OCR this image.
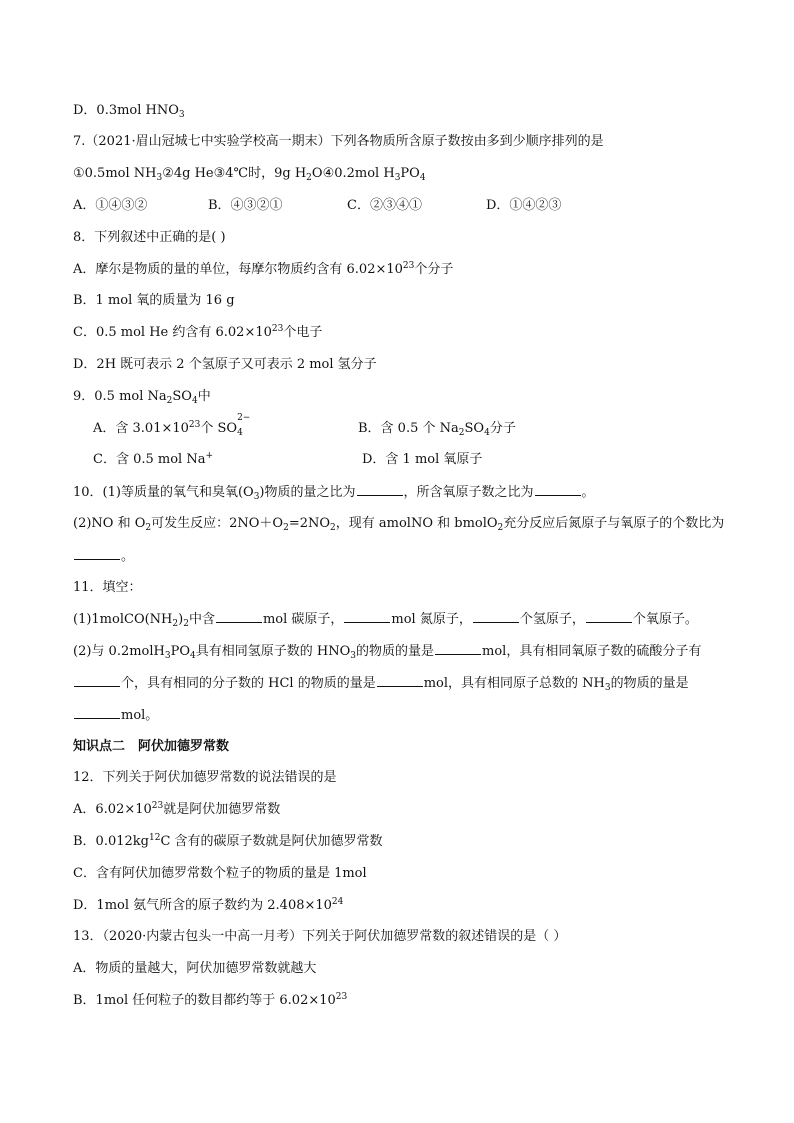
D．0.3mol $HNO_3$
7.（2021·眉山冠城七中实验学校高一期末）下列各物质所含原子数按由多到少顺序排列的是
①0.5mol $NH_3②4g$ He③4℃时，9g $H_2O④0.2mol$ $H_3PO_4$
A．①④③②	B．④③②①	C．②③④①	D．①④②③
8．下列叙述中正确的是( )
A．摩尔是物质的量的单位，每摩尔物质约含有 $6.02\times 10^{23}$个分子
B．1 mol 氧的质量为 16 g
C．0.5 mol He 约含有 $6.02\times 10^{23}$个电子
D．2H 既可表示 2 个氢原子又可表示 2 mol 氢分子
9．0.5 mol $Na_2SO_4$中
A．含 $3.01\times 10^{23}$个 $SO_4$
2−
B．含 0.5 个 $Na_2SO_4$分子
C．含 0.5 mol Na+	D．含 1 mol 氧原子
10．(1)等质量的氧气和臭氧$(O_3)$物质的量之比为	，所含氧原子数之比为	。
(2)NO 和 $O_2$可发生反应：$2NO+O_2=2NO_2$，现有 amolNO 和 bmolO$_2$充分反应后氮原子与氧原子的个数比为
。
11．填空：
$(1)1molCO(NH_2)_2$中含	mol 碳原子，	mol 氮原子，	个氢原子，	个氧原子。
(2)与 $0.2molH_3PO_4$具有相同氢原子数的 $HNO_3$的物质的量是	mol，具有相同氧原子数的硫酸分子有
个，具有相同的分子数的 HCl 的物质的量是	mol，具有相同原子总数的 $NH_3$的物质的量是
mol。
知识点二　阿伏加德罗常数
12．下列关于阿伏加德罗常数的说法错误的是
A．$6.02\times 10^{23}$就是阿伏加德罗常数
B．$0.012kg^{12}C$ 含有的碳原子数就是阿伏加德罗常数
C．含有阿伏加德罗常数个粒子的物质的量是 1mol
D．1mol 氨气所含的原子数约为 $2.408\times 10^{24}$
13．（2020·内蒙古包头一中高一月考）下列关于阿伏加德罗常数的叙述错误的是（ ）
A．物质的量越大，阿伏加德罗常数就越大
B．1mol 任何粒子的数目都约等于 $6.02\times 10^{23}$
